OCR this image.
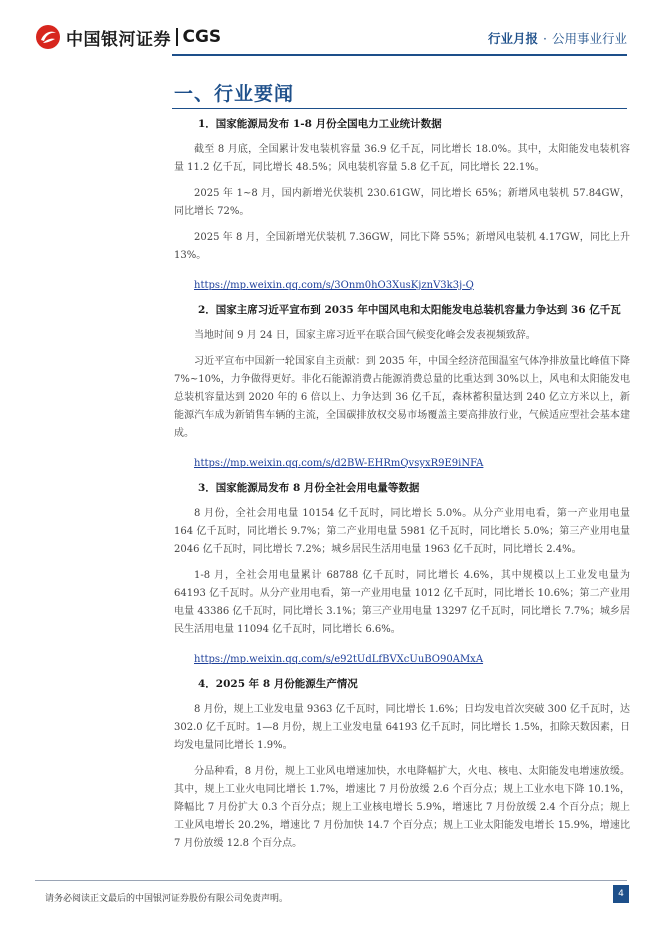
中国银河证券 CGS	行业月报 · 公用事业行业
一、行业要闻
1．国家能源局发布 1-8 月份全国电力工业统计数据

截至 8 月底，全国累计发电装机容量 36.9 亿千瓦，同比增长 18.0%。其中，太阳能发电装机容量 11.2 亿千瓦，同比增长 48.5%；风电装机容量 5.8 亿千瓦，同比增长 22.1%。

2025 年 1~8 月，国内新增光伏装机 230.61GW，同比增长 65%；新增风电装机 57.84GW，同比增长 72%。

2025 年 8 月，全国新增光伏装机 7.36GW，同比下降 55%；新增风电装机 4.17GW，同比上升 13%。

https://mp.weixin.qq.com/s/3Onm0hO3XusKjznV3k3j-Q
2．国家主席习近平宣布到 2035 年中国风电和太阳能发电总装机容量力争达到 36 亿千瓦

当地时间 9 月 24 日，国家主席习近平在联合国气候变化峰会发表视频致辞。

习近平宣布中国新一轮国家自主贡献：到 2035 年，中国全经济范围温室气体净排放量比峰值下降 7%~10%，力争做得更好。非化石能源消费占能源消费总量的比重达到 30%以上，风电和太阳能发电总装机容量达到 2020 年的 6 倍以上、力争达到 36 亿千瓦，森林蓄积量达到 240 亿立方米以上，新能源汽车成为新销售车辆的主流，全国碳排放权交易市场覆盖主要高排放行业，气候适应型社会基本建成。

https://mp.weixin.qq.com/s/d2BW-EHRmQvsyxR9E9iNFA
3．国家能源局发布 8 月份全社会用电量等数据

8 月份，全社会用电量 10154 亿千瓦时，同比增长 5.0%。从分产业用电看，第一产业用电量 164 亿千瓦时，同比增长 9.7%；第二产业用电量 5981 亿千瓦时，同比增长 5.0%；第三产业用电量 2046 亿千瓦时，同比增长 7.2%；城乡居民生活用电量 1963 亿千瓦时，同比增长 2.4%。

1-8 月，全社会用电量累计 68788 亿千瓦时，同比增长 4.6%，其中规模以上工业发电量为 64193 亿千瓦时。从分产业用电看，第一产业用电量 1012 亿千瓦时，同比增长 10.6%；第二产业用电量 43386 亿千瓦时，同比增长 3.1%；第三产业用电量 13297 亿千瓦时，同比增长 7.7%；城乡居民生活用电量 11094 亿千瓦时，同比增长 6.6%。

https://mp.weixin.qq.com/s/e92tUdLfBVXcUuBO90AMxA
4．2025 年 8 月份能源生产情况

8 月份，规上工业发电量 9363 亿千瓦时，同比增长 1.6%；日均发电首次突破 300 亿千瓦时，达 302.0 亿千瓦时。1—8 月份，规上工业发电量 64193 亿千瓦时，同比增长 1.5%，扣除天数因素，日均发电量同比增长 1.9%。

分品种看，8 月份，规上工业风电增速加快，水电降幅扩大，火电、核电、太阳能发电增速放缓。其中，规上工业火电同比增长 1.7%，增速比 7 月份放缓 2.6 个百分点；规上工业水电下降 10.1%，降幅比 7 月份扩大 0.3 个百分点；规上工业核电增长 5.9%，增速比 7 月份放缓 2.4 个百分点；规上工业风电增长 20.2%，增速比 7 月份加快 14.7 个百分点；规上工业太阳能发电增长 15.9%，增速比 7 月份放缓 12.8 个百分点。

请务必阅读正文最后的中国银河证券股份有限公司免责声明。	4
